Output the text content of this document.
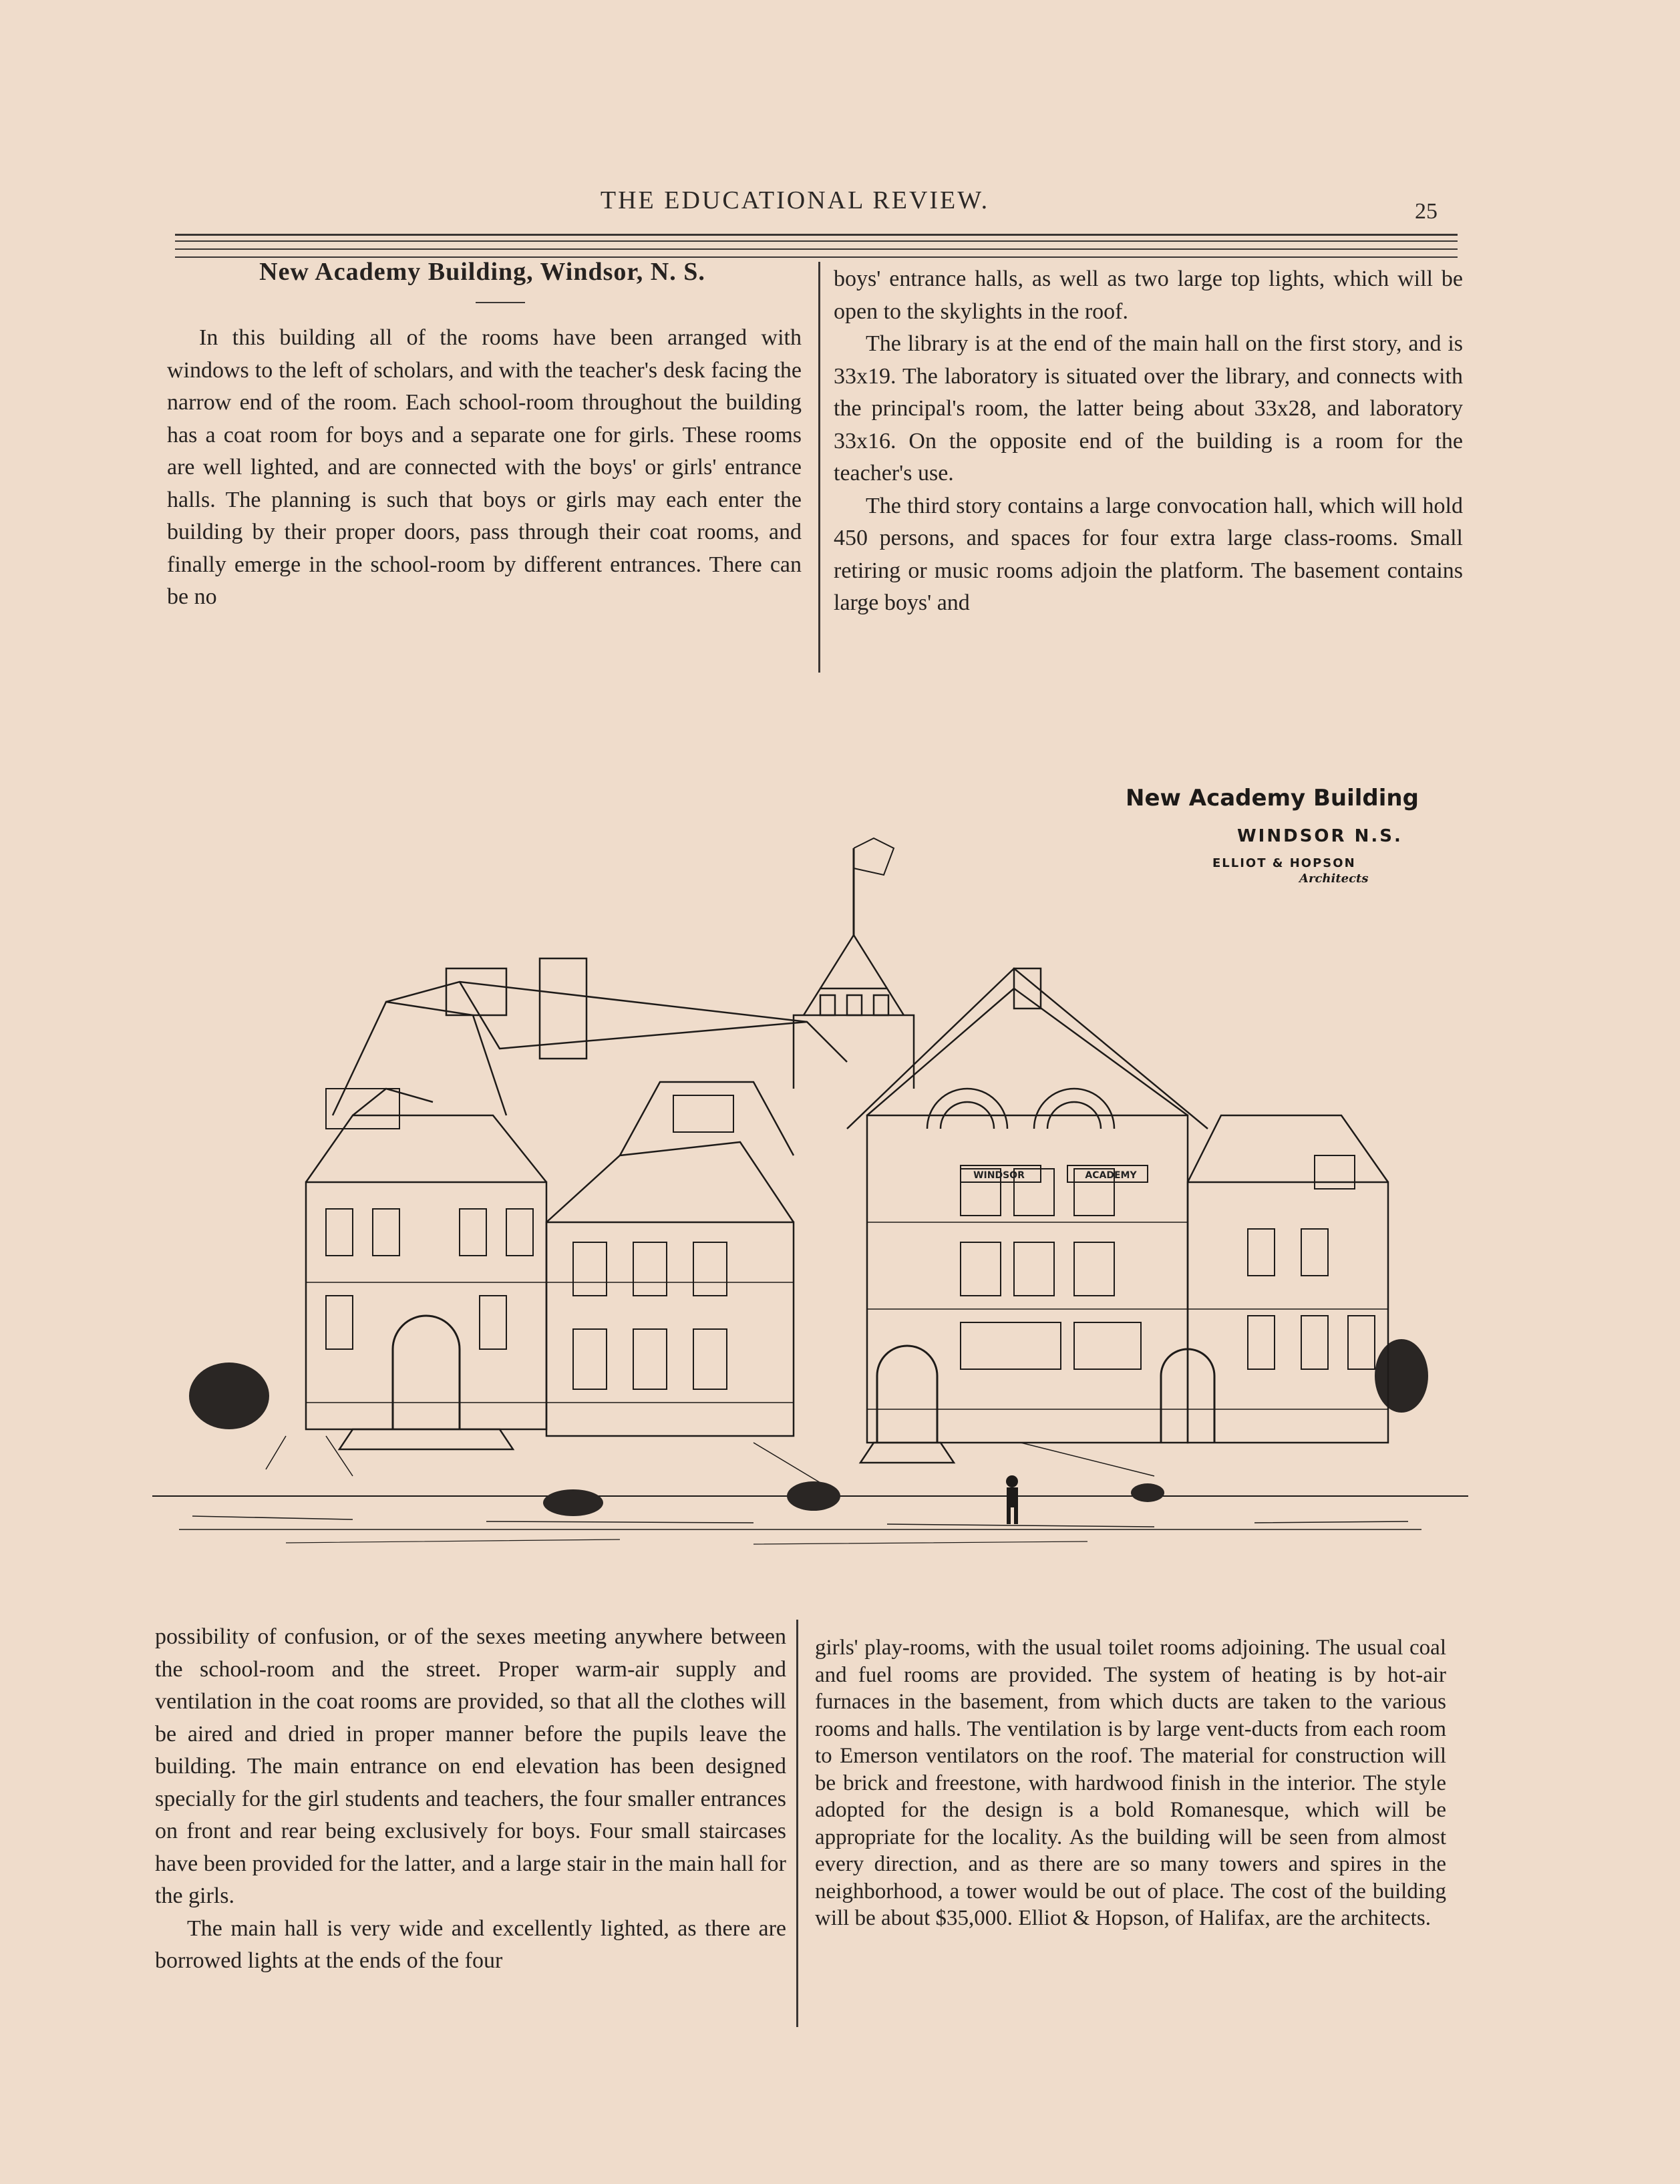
THE EDUCATIONAL REVIEW.	25
New Academy Building, Windsor, N. S.

In this building all of the rooms have been arranged with windows to the left of scholars, and with the teacher's desk facing the narrow end of the room. Each school-room throughout the building has a coat room for boys and a separate one for girls. These rooms are well lighted, and are connected with the boys' or girls' entrance halls. The planning is such that boys or girls may each enter the building by their proper doors, pass through their coat rooms, and finally emerge in the school-room by different entrances. There can be no

boys' entrance halls, as well as two large top lights, which will be open to the skylights in the roof.

The library is at the end of the main hall on the first story, and is 33x19. The laboratory is situated over the library, and connects with the principal's room, the latter being about 33x28, and laboratory 33x16. On the opposite end of the building is a room for the teacher's use.

The third story contains a large convocation hall, which will hold 450 persons, and spaces for four extra large class-rooms. Small retiring or music rooms adjoin the platform. The basement contains large boys' and

New Academy Building
WINDSOR N.S.
ELLIOT & HOPSON
Architects
WINDSOR	ACADEMY

possibility of confusion, or of the sexes meeting anywhere between the school-room and the street. Proper warm-air supply and ventilation in the coat rooms are provided, so that all the clothes will be aired and dried in proper manner before the pupils leave the building. The main entrance on end elevation has been designed specially for the girl students and teachers, the four smaller entrances on front and rear being exclusively for boys. Four small staircases have been provided for the latter, and a large stair in the main hall for the girls.

The main hall is very wide and excellently lighted, as there are borrowed lights at the ends of the four

girls' play-rooms, with the usual toilet rooms adjoining. The usual coal and fuel rooms are provided. The system of heating is by hot-air furnaces in the basement, from which ducts are taken to the various rooms and halls. The ventilation is by large vent-ducts from each room to Emerson ventilators on the roof. The material for construction will be brick and freestone, with hardwood finish in the interior. The style adopted for the design is a bold Romanesque, which will be appropriate for the locality. As the building will be seen from almost every direction, and as there are so many towers and spires in the neighborhood, a tower would be out of place. The cost of the building will be about $35,000. Elliot & Hopson, of Halifax, are the architects.
